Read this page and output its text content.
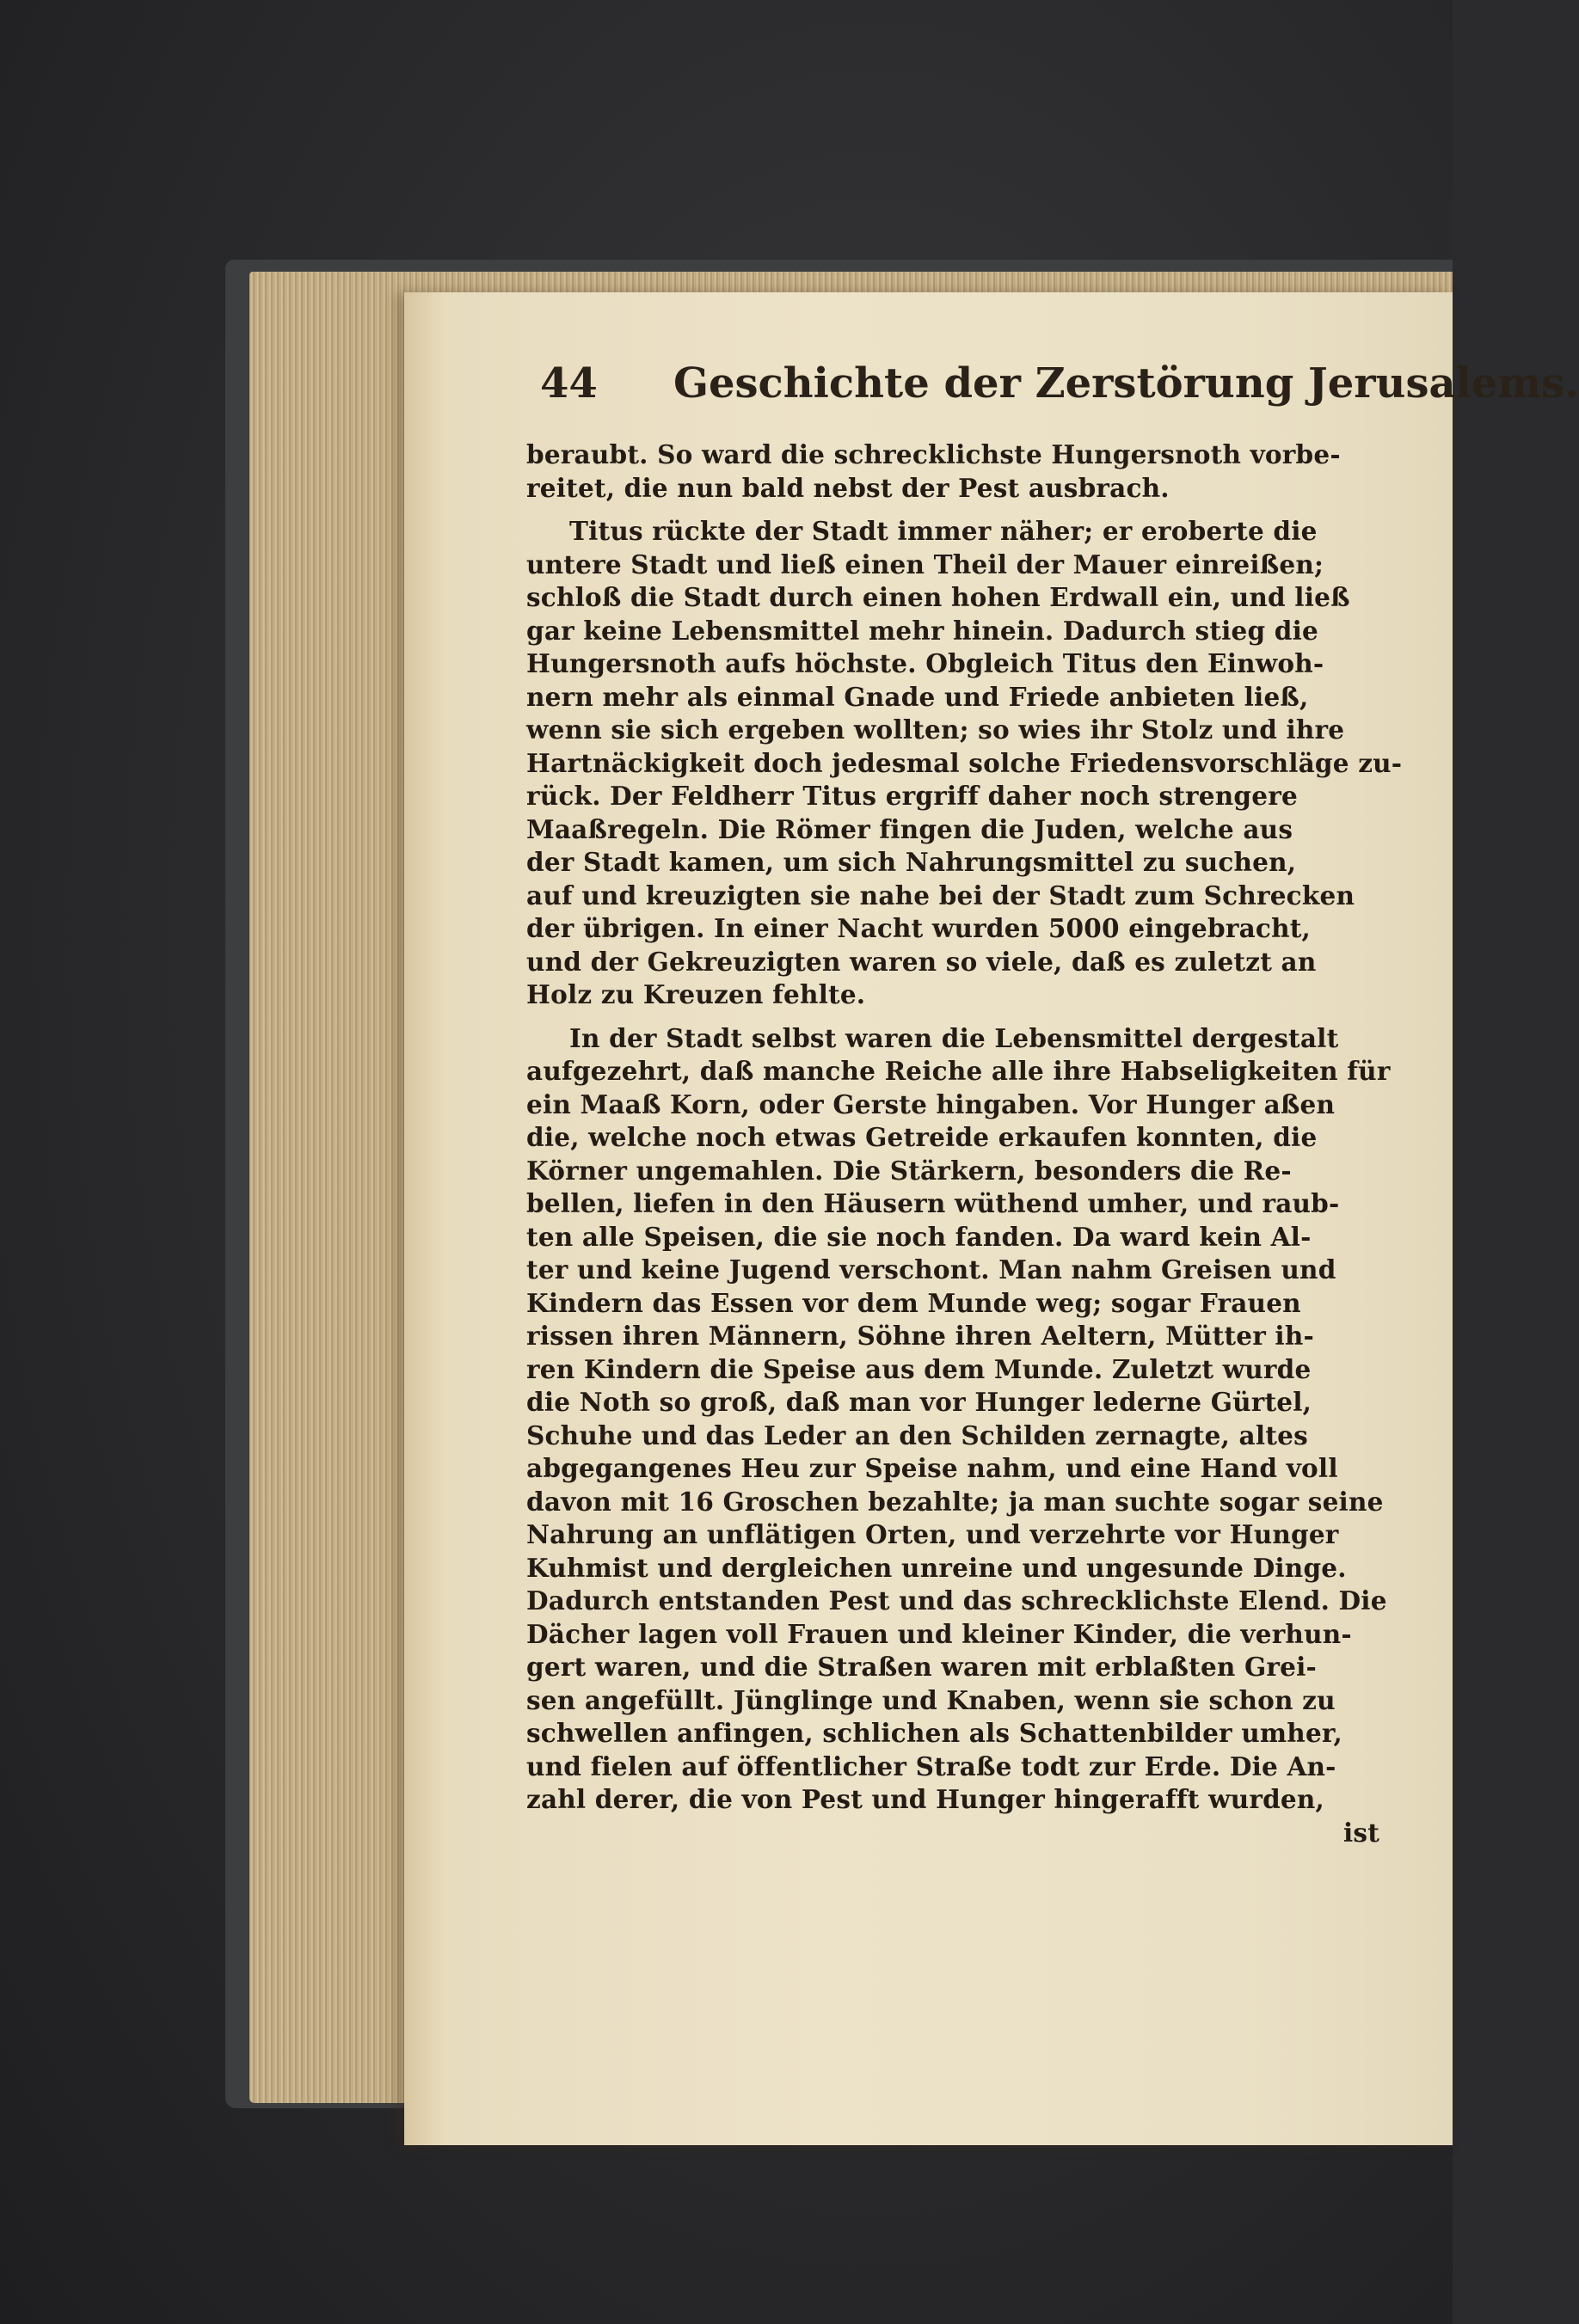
44 Geschichte der Zerstörung Jerusalems.
beraubt. So ward die schrecklichste Hungersnoth vorbe-
reitet, die nun bald nebst der Pest ausbrach.
Titus rückte der Stadt immer näher; er eroberte die
untere Stadt und ließ einen Theil der Mauer einreißen;
schloß die Stadt durch einen hohen Erdwall ein, und ließ
gar keine Lebensmittel mehr hinein. Dadurch stieg die
Hungersnoth aufs höchste. Obgleich Titus den Einwoh-
nern mehr als einmal Gnade und Friede anbieten ließ,
wenn sie sich ergeben wollten; so wies ihr Stolz und ihre
Hartnäckigkeit doch jedesmal solche Friedensvorschläge zu-
rück. Der Feldherr Titus ergriff daher noch strengere
Maaßregeln. Die Römer fingen die Juden, welche aus
der Stadt kamen, um sich Nahrungsmittel zu suchen,
auf und kreuzigten sie nahe bei der Stadt zum Schrecken
der übrigen. In einer Nacht wurden 5000 eingebracht,
und der Gekreuzigten waren so viele, daß es zuletzt an
Holz zu Kreuzen fehlte.
In der Stadt selbst waren die Lebensmittel dergestalt
aufgezehrt, daß manche Reiche alle ihre Habseligkeiten für
ein Maaß Korn, oder Gerste hingaben. Vor Hunger aßen
die, welche noch etwas Getreide erkaufen konnten, die
Körner ungemahlen. Die Stärkern, besonders die Re-
bellen, liefen in den Häusern wüthend umher, und raub-
ten alle Speisen, die sie noch fanden. Da ward kein Al-
ter und keine Jugend verschont. Man nahm Greisen und
Kindern das Essen vor dem Munde weg; sogar Frauen
rissen ihren Männern, Söhne ihren Aeltern, Mütter ih-
ren Kindern die Speise aus dem Munde. Zuletzt wurde
die Noth so groß, daß man vor Hunger lederne Gürtel,
Schuhe und das Leder an den Schilden zernagte, altes
abgegangenes Heu zur Speise nahm, und eine Hand voll
davon mit 16 Groschen bezahlte; ja man suchte sogar seine
Nahrung an unflätigen Orten, und verzehrte vor Hunger
Kuhmist und dergleichen unreine und ungesunde Dinge.
Dadurch entstanden Pest und das schrecklichste Elend. Die
Dächer lagen voll Frauen und kleiner Kinder, die verhun-
gert waren, und die Straßen waren mit erblaßten Grei-
sen angefüllt. Jünglinge und Knaben, wenn sie schon zu
schwellen anfingen, schlichen als Schattenbilder umher,
und fielen auf öffentlicher Straße todt zur Erde. Die An-
zahl derer, die von Pest und Hunger hingerafft wurden,
ist
